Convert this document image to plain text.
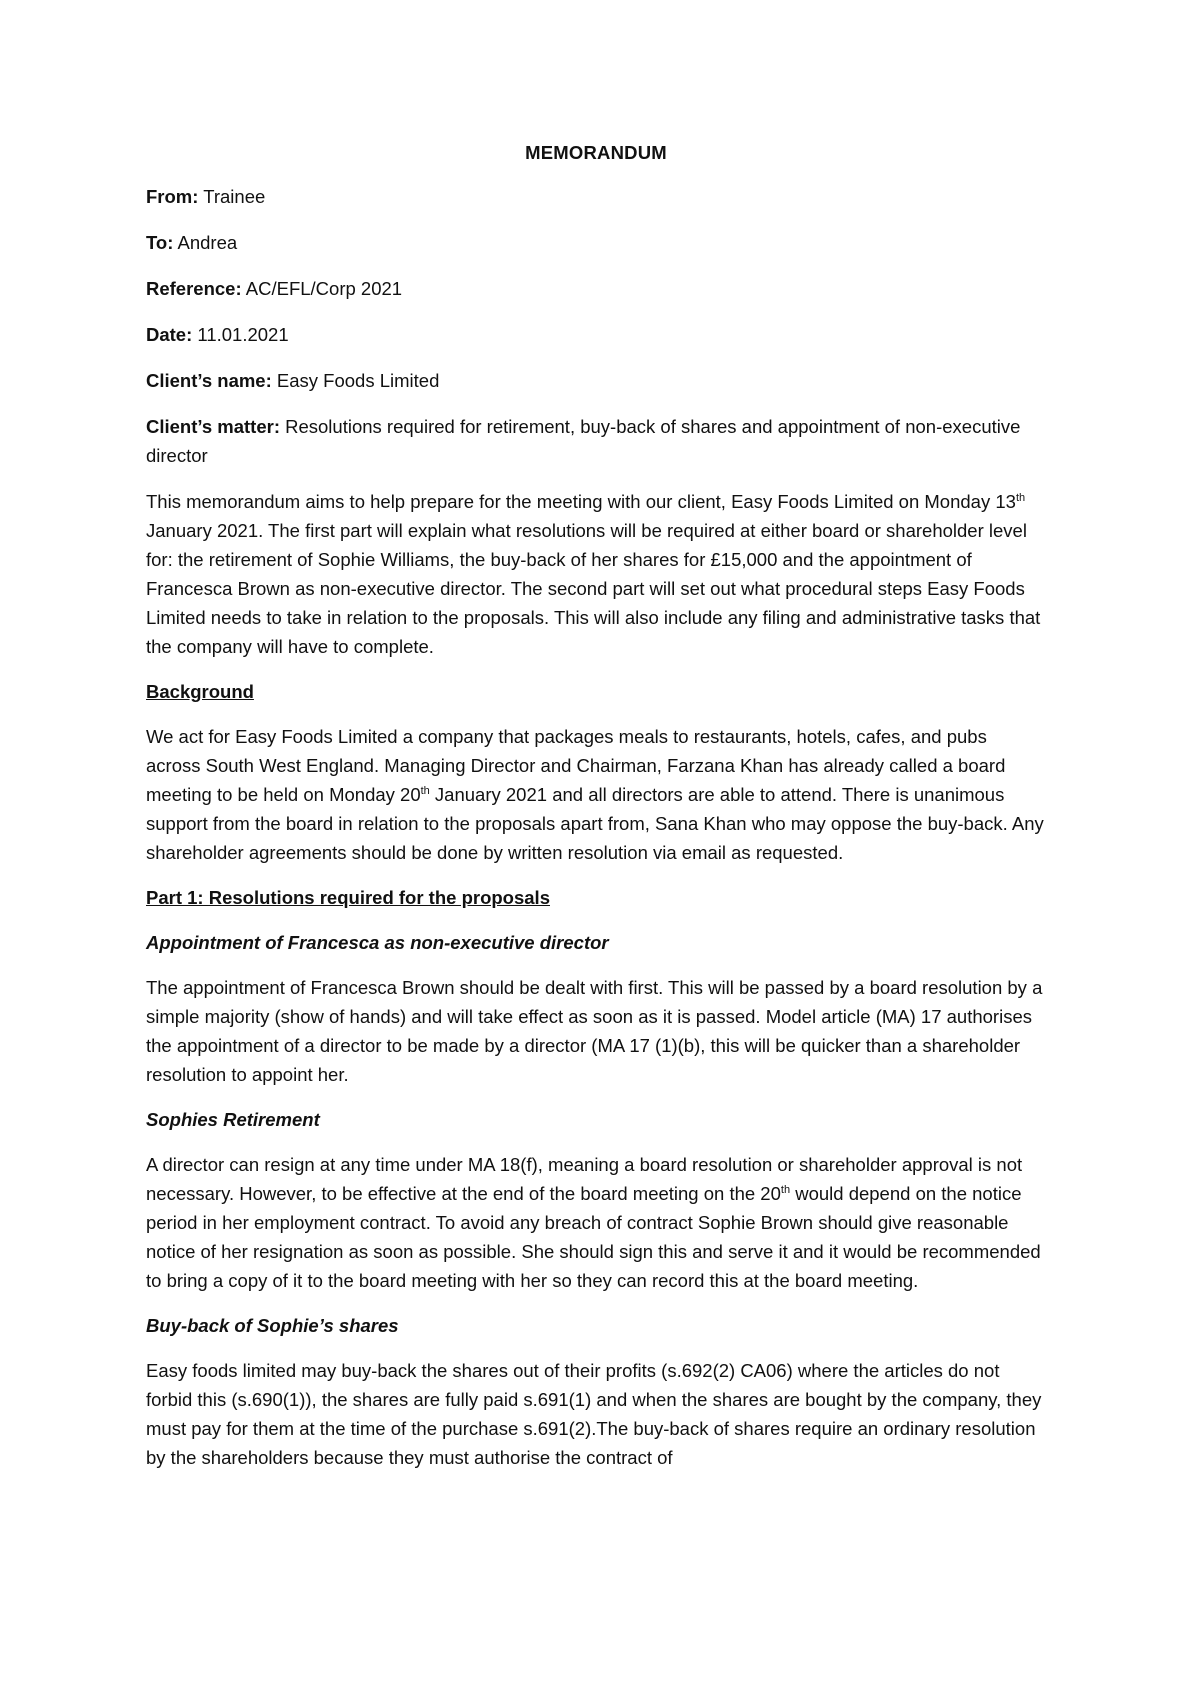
MEMORANDUM
From: Trainee
To: Andrea
Reference: AC/EFL/Corp 2021
Date: 11.01.2021
Client’s name: Easy Foods Limited
Client’s matter: Resolutions required for retirement, buy-back of shares and appointment of non-executive director

This memorandum aims to help prepare for the meeting with our client, Easy Foods Limited on Monday 13th January 2021. The first part will explain what resolutions will be required at either board or shareholder level for: the retirement of Sophie Williams, the buy-back of her shares for £15,000 and the appointment of Francesca Brown as non-executive director. The second part will set out what procedural steps Easy Foods Limited needs to take in relation to the proposals. This will also include any filing and administrative tasks that the company will have to complete.

Background

We act for Easy Foods Limited a company that packages meals to restaurants, hotels, cafes, and pubs across South West England. Managing Director and Chairman, Farzana Khan has already called a board meeting to be held on Monday 20th January 2021 and all directors are able to attend. There is unanimous support from the board in relation to the proposals apart from, Sana Khan who may oppose the buy-back. Any shareholder agreements should be done by written resolution via email as requested.

Part 1: Resolutions required for the proposals
Appointment of Francesca as non-executive director

The appointment of Francesca Brown should be dealt with first. This will be passed by a board resolution by a simple majority (show of hands) and will take effect as soon as it is passed. Model article (MA) 17 authorises the appointment of a director to be made by a director (MA 17 (1)(b), this will be quicker than a shareholder resolution to appoint her.

Sophies Retirement

A director can resign at any time under MA 18(f), meaning a board resolution or shareholder approval is not necessary. However, to be effective at the end of the board meeting on the 20th would depend on the notice period in her employment contract. To avoid any breach of contract Sophie Brown should give reasonable notice of her resignation as soon as possible. She should sign this and serve it and it would be recommended to bring a copy of it to the board meeting with her so they can record this at the board meeting.

Buy-back of Sophie’s shares

Easy foods limited may buy-back the shares out of their profits (s.692(2) CA06) where the articles do not forbid this (s.690(1)), the shares are fully paid s.691(1) and when the shares are bought by the company, they must pay for them at the time of the purchase s.691(2).The buy-back of shares require an ordinary resolution by the shareholders because they must authorise the contract of
